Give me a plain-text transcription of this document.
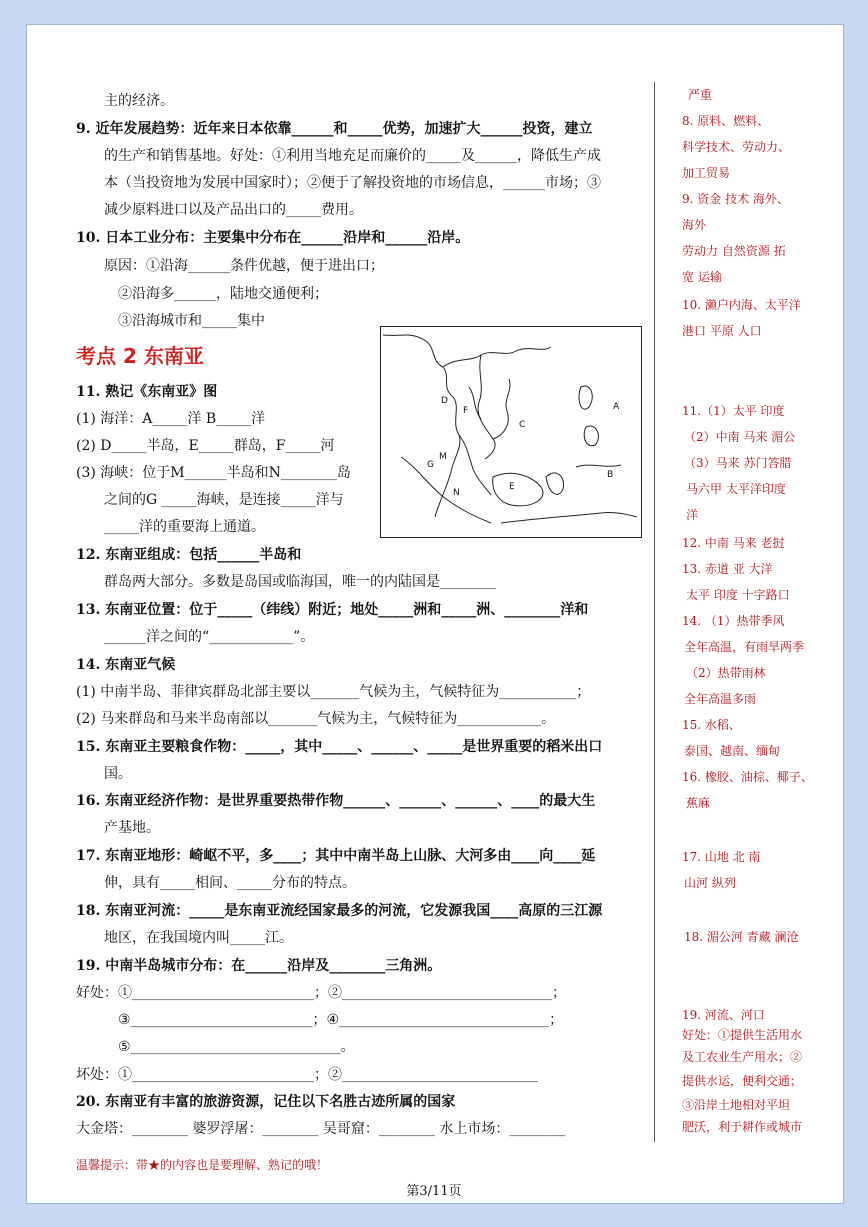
主的经济。
9. 近年发展趋势：近年来日本依靠______和_____优势，加速扩大______投资，建立
的生产和销售基地。好处：①利用当地充足而廉价的_____及______，降低生产成
本（当投资地为发展中国家时）；②便于了解投资地的市场信息，______市场；③
减少原料进口以及产品出口的_____费用。
10. 日本工业分布：主要集中分布在______沿岸和______沿岸。
原因：①沿海______条件优越，便于进出口；
②沿海多______，陆地交通便利；
③沿海城市和_____集中
考点 2 东南亚
11. 熟记《东南亚》图
(1) 海洋：A_____洋 B_____洋
(2) D_____半岛，E_____群岛，F_____河
(3) 海峡：位于M______半岛和N________岛
之间的G _____海峡，是连接_____洋与
_____洋的重要海上通道。
12. 东南亚组成：包括______半岛和
群岛两大部分。多数是岛国或临海国，唯一的内陆国是________
13. 东南亚位置：位于_____（纬线）附近；地处_____洲和_____洲、________洋和
______洋之间的“____________”。
14. 东南亚气候
(1) 中南半岛、菲律宾群岛北部主要以_______气候为主，气候特征为___________；
(2) 马来群岛和马来半岛南部以_______气候为主，气候特征为____________。
15. 东南亚主要粮食作物：_____，其中_____、______、_____是世界重要的稻米出口
国。
16. 东南亚经济作物：是世界重要热带作物______、______、______、____的最大生
产基地。
17. 东南亚地形：崎岖不平，多____；其中中南半岛上山脉、大河多由____向____延
伸，具有_____相间、_____分布的特点。
18. 东南亚河流：_____是东南亚流经国家最多的河流，它发源我国____高原的三江源
地区，在我国境内叫_____江。
19. 中南半岛城市分布：在______沿岸及________三角洲。
好处：①__________________________；②______________________________；
③__________________________；④______________________________；
⑤______________________________。
坏处：①__________________________；②____________________________
20. 东南亚有丰富的旅游资源，记住以下名胜古迹所属的国家
大金塔：________ 婆罗浮屠：________ 吴哥窟：________ 水上市场：________
A
B
C
D
E
F
G
M
N
严重
8. 原料、燃料、
科学技术、劳动力、
加工贸易
9. 资金 技术 海外、
海外
劳动力 自然资源 拓
宽 运输
10. 濑户内海、太平洋
港口 平原 人口
11.（1）太平 印度
（2）中南 马来 湄公
（3）马来 苏门答腊
马六甲 太平洋印度
洋
12. 中南 马来 老挝
13. 赤道 亚 大洋
太平 印度 十字路口
14. （1）热带季风
全年高温，有雨旱两季
（2）热带雨林
全年高温多雨
15. 水稻、
泰国、越南、缅甸
16. 橡胶、油棕、椰子、
蕉麻
17. 山地 北 南
山河 纵列
18. 湄公河 青藏 澜沧
19. 河流、河口
好处：①提供生活用水
及工农业生产用水；②
提供水运，便利交通；
③沿岸土地相对平坦
肥沃，利于耕作或城市
温馨提示：带★的内容也是要理解、熟记的哦！
第3/11页
